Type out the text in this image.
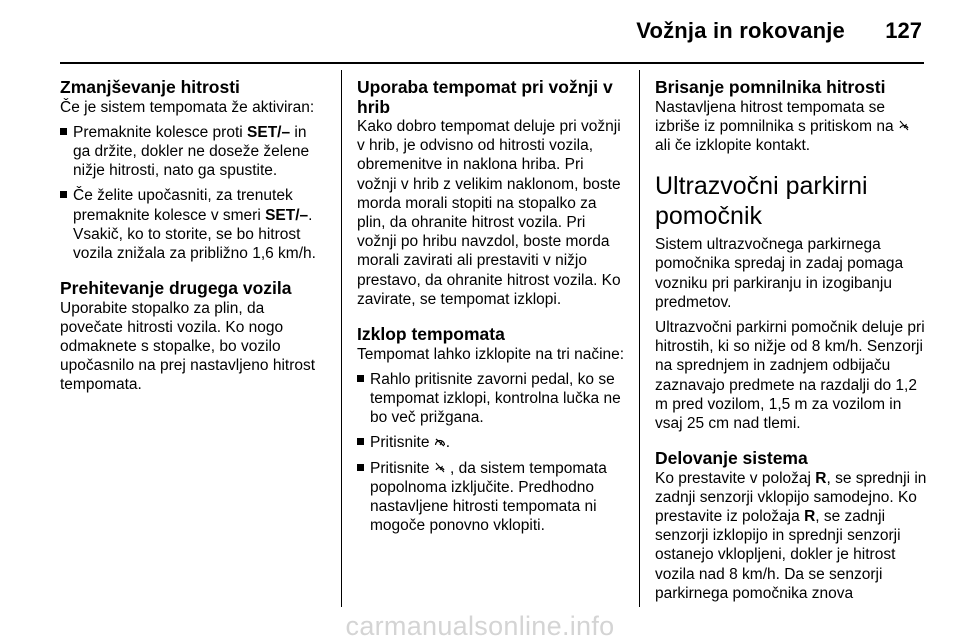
Vožnja in rokovanje 127
Zmanjševanje hitrosti

Če je sistem tempomata že aktiviran:

Premaknite kolesce proti SET/– in ga držite, dokler ne doseže želene nižje hitrosti, nato ga spustite.
Če želite upočasniti, za trenutek premaknite kolesce v smeri SET/–. Vsakič, ko to storite, se bo hitrost vozila znižala za približno 1,6 km/h.
Prehitevanje drugega vozila

Uporabite stopalko za plin, da povečate hitrosti vozila. Ko nogo odmaknete s stopalke, bo vozilo upočasnilo na prej nastavljeno hitrost tempomata.

Uporaba tempomat pri vožnji v hrib

Kako dobro tempomat deluje pri vožnji v hrib, je odvisno od hitrosti vozila, obremenitve in naklona hriba. Pri vožnji v hrib z velikim naklonom, boste morda morali stopiti na stopalko za plin, da ohranite hitrost vozila. Pri vožnji po hribu navzdol, boste morda morali zavirati ali prestaviti v nižjo prestavo, da ohranite hitrost vozila. Ko zavirate, se tempomat izklopi.

Izklop tempomata

Tempomat lahko izklopite na tri načine:

Rahlo pritisnite zavorni pedal, ko se tempomat izklopi, kontrolna lučka ne bo več prižgana.
Pritisnite .
Pritisnite  , da sistem tempomata popolnoma izključite. Predhodno nastavljene hitrosti tempomata ni mogoče ponovno vklopiti.
Brisanje pomnilnika hitrosti

Nastavljena hitrost tempomata se izbriše iz pomnilnika s pritiskom na  ali če izklopite kontakt.

Ultrazvočni parkirni pomočnik

Sistem ultrazvočnega parkirnega pomočnika spredaj in zadaj pomaga vozniku pri parkiranju in izogibanju predmetov.

Ultrazvočni parkirni pomočnik deluje pri hitrostih, ki so nižje od 8 km/h. Senzorji na sprednjem in zadnjem odbijaču zaznavajo predmete na razdalji do 1,2 m pred vozilom, 1,5 m za vozilom in vsaj 25 cm nad tlemi.

Delovanje sistema

Ko prestavite v položaj R, se sprednji in zadnji senzorji vklopijo samodejno. Ko prestavite iz položaja R, se zadnji senzorji izklopijo in sprednji senzorji ostanejo vklopljeni, dokler je hitrost vozila nad 8 km/h. Da se senzorji parkirnega pomočnika znova

carmanualsonline.info
